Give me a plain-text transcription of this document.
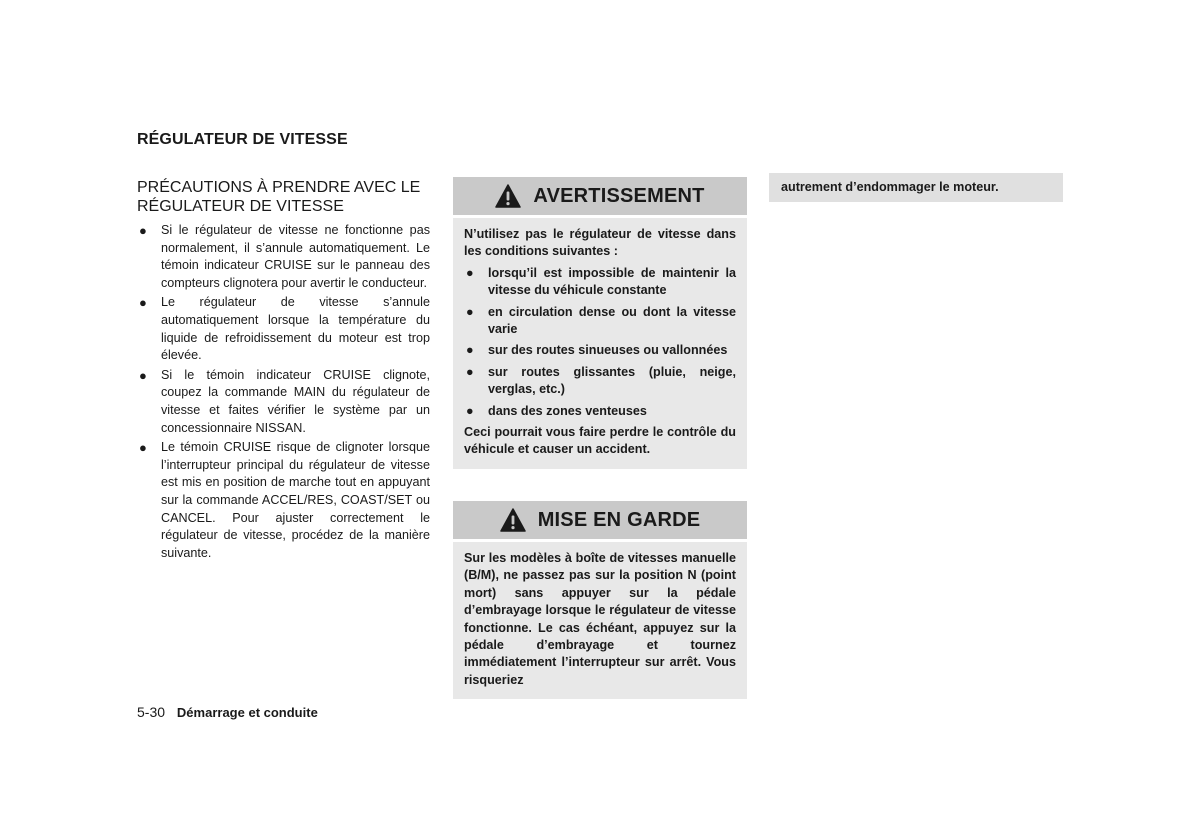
RÉGULATEUR DE VITESSE
PRÉCAUTIONS À PRENDRE AVEC LE RÉGULATEUR DE VITESSE
● Si le régulateur de vitesse ne fonctionne pas normalement, il s’annule automatiquement. Le témoin indicateur CRUISE sur le panneau des compteurs clignotera pour avertir le conducteur.
● Le régulateur de vitesse s’annule automatiquement lorsque la température du liquide de refroidissement du moteur est trop élevée.
● Si le témoin indicateur CRUISE clignote, coupez la commande MAIN du régulateur de vitesse et faites vérifier le système par un concessionnaire NISSAN.
● Le témoin CRUISE risque de clignoter lorsque l’interrupteur principal du régulateur de vitesse est mis en position de marche tout en appuyant sur la commande ACCEL/RES, COAST/SET ou CANCEL. Pour ajuster correctement le régulateur de vitesse, procédez de la manière suivante.
AVERTISSEMENT

N’utilisez pas le régulateur de vitesse dans les conditions suivantes :

● lorsqu’il est impossible de maintenir la vitesse du véhicule constante
● en circulation dense ou dont la vitesse varie
● sur des routes sinueuses ou vallonnées
● sur routes glissantes (pluie, neige, verglas, etc.)
● dans des zones venteuses

Ceci pourrait vous faire perdre le contrôle du véhicule et causer un accident.

MISE EN GARDE

Sur les modèles à boîte de vitesses manuelle (B/M), ne passez pas sur la position N (point mort) sans appuyer sur la pédale d’embrayage lorsque le régulateur de vitesse fonctionne. Le cas échéant, appuyez sur la pédale d’embrayage et tournez immédiatement l’interrupteur sur arrêt. Vous risqueriez

autrement d’endommager le moteur.
5-30 Démarrage et conduite
